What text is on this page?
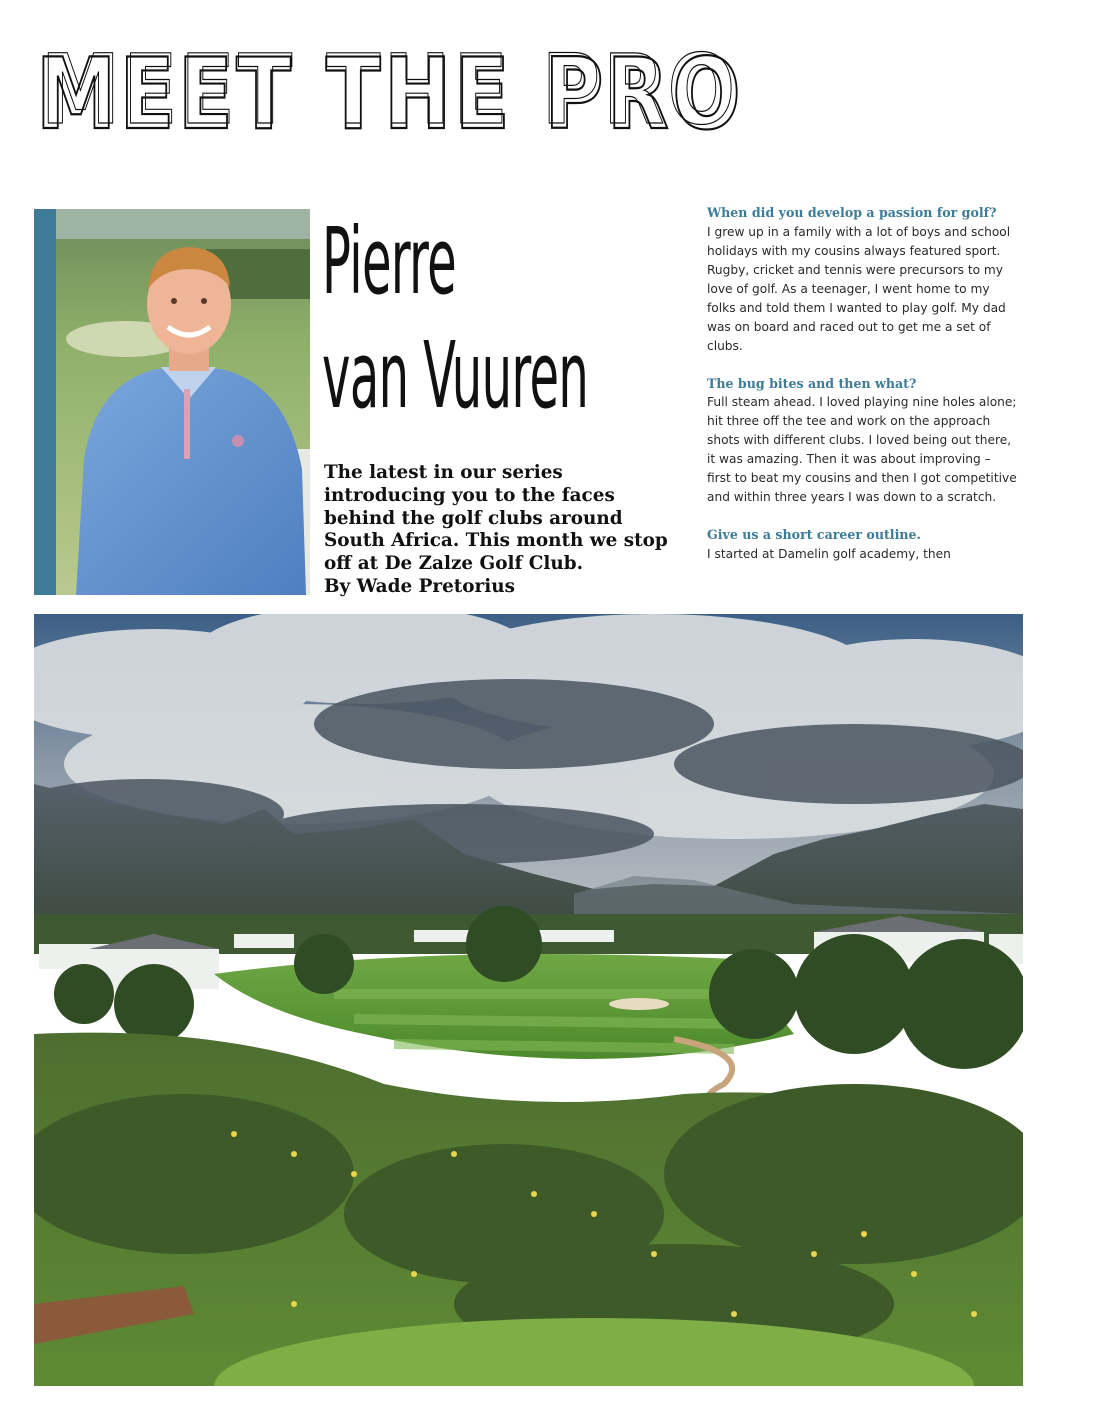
MEET THE PRO
MEET THE PRO
Pierre
van Vuuren
The latest in our series introducing you to the faces behind the golf clubs around South Africa. This month we stop off at De Zalze Golf Club.
By Wade Pretorius

When did you develop a passion for golf?

I grew up in a family with a lot of boys and school holidays with my cousins always featured sport. Rugby, cricket and tennis were precursors to my love of golf. As a teenager, I went home to my folks and told them I wanted to play golf. My dad was on board and raced out to get me a set of clubs.

The bug bites and then what?

Full steam ahead. I loved playing nine holes alone; hit three off the tee and work on the approach shots with different clubs. I loved being out there, it was amazing. Then it was about improving – first to beat my cousins and then I got competitive and within three years I was down to a scratch.

Give us a short career outline.

I started at Damelin golf academy, then
